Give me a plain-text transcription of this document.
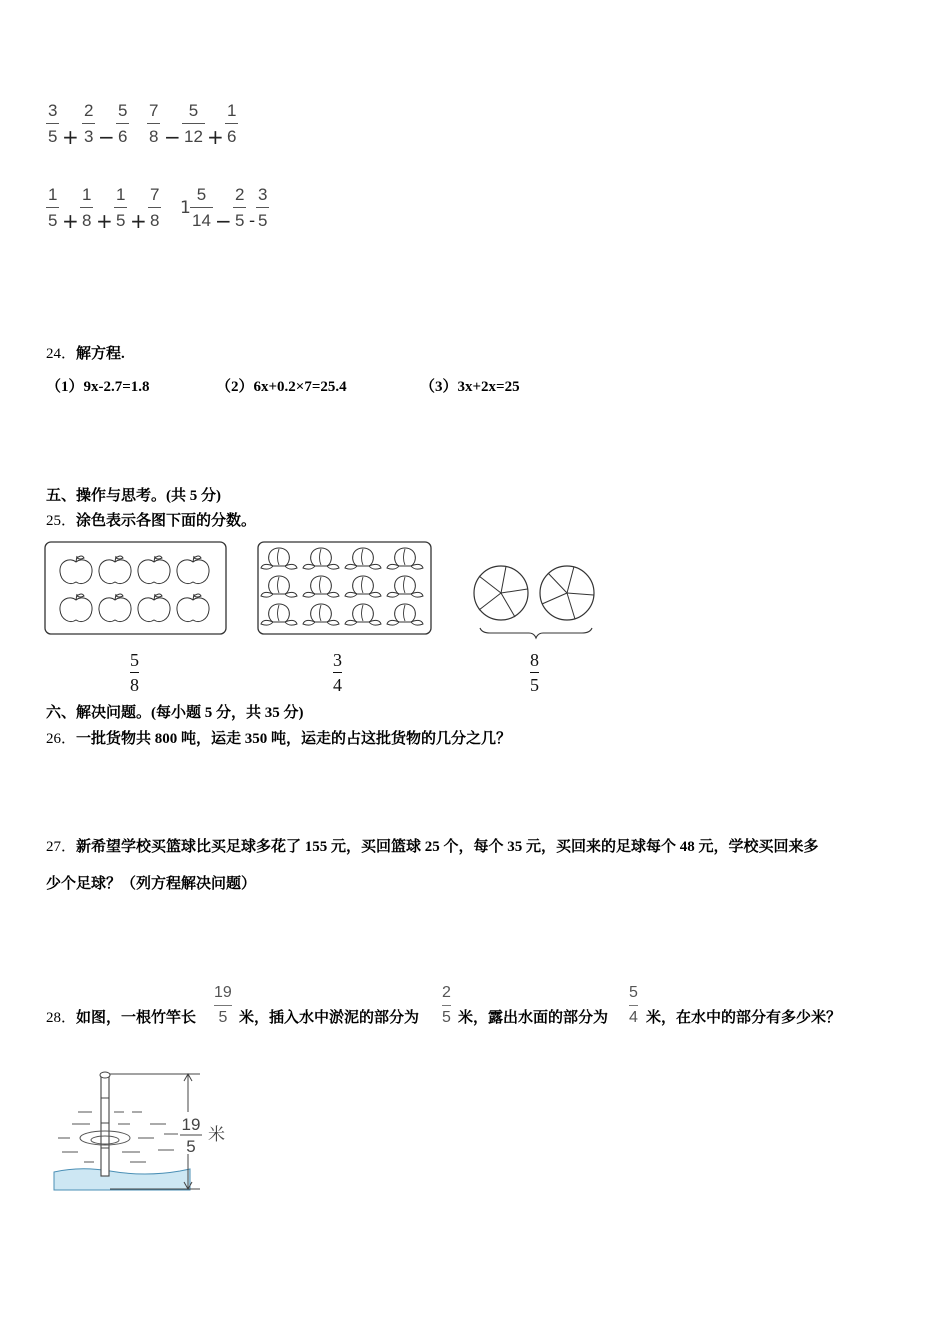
3
5 +
2
3 −
5
6
7
8 −
5
12 +
1
6
1
5 +
1
8 +
1
5 +
7
8
1
5
14 −
2
5 -
3
5
24．解方程.
（1）9x-2.7=1.8	（2）6x+0.2×7=25.4	（3）3x+2x=25
五、操作与思考。(共 5 分)
25．涂色表示各图下面的分数。
5
8
3
4
8
5
六、解决问题。(每小题 5 分，共 35 分)
26．一批货物共 800 吨，运走 350 吨，运走的占这批货物的几分之几？
27．新希望学校买篮球比买足球多花了 155 元，买回篮球 25 个，每个 35 元，买回来的足球每个 48 元，学校买回来多
少个足球？（列方程解决问题）
28．如图，一根竹竿长
19
5 米，插入水中淤泥的部分为
2
5 米，露出水面的部分为
5
4 米，在水中的部分有多少米？
19
5
米
